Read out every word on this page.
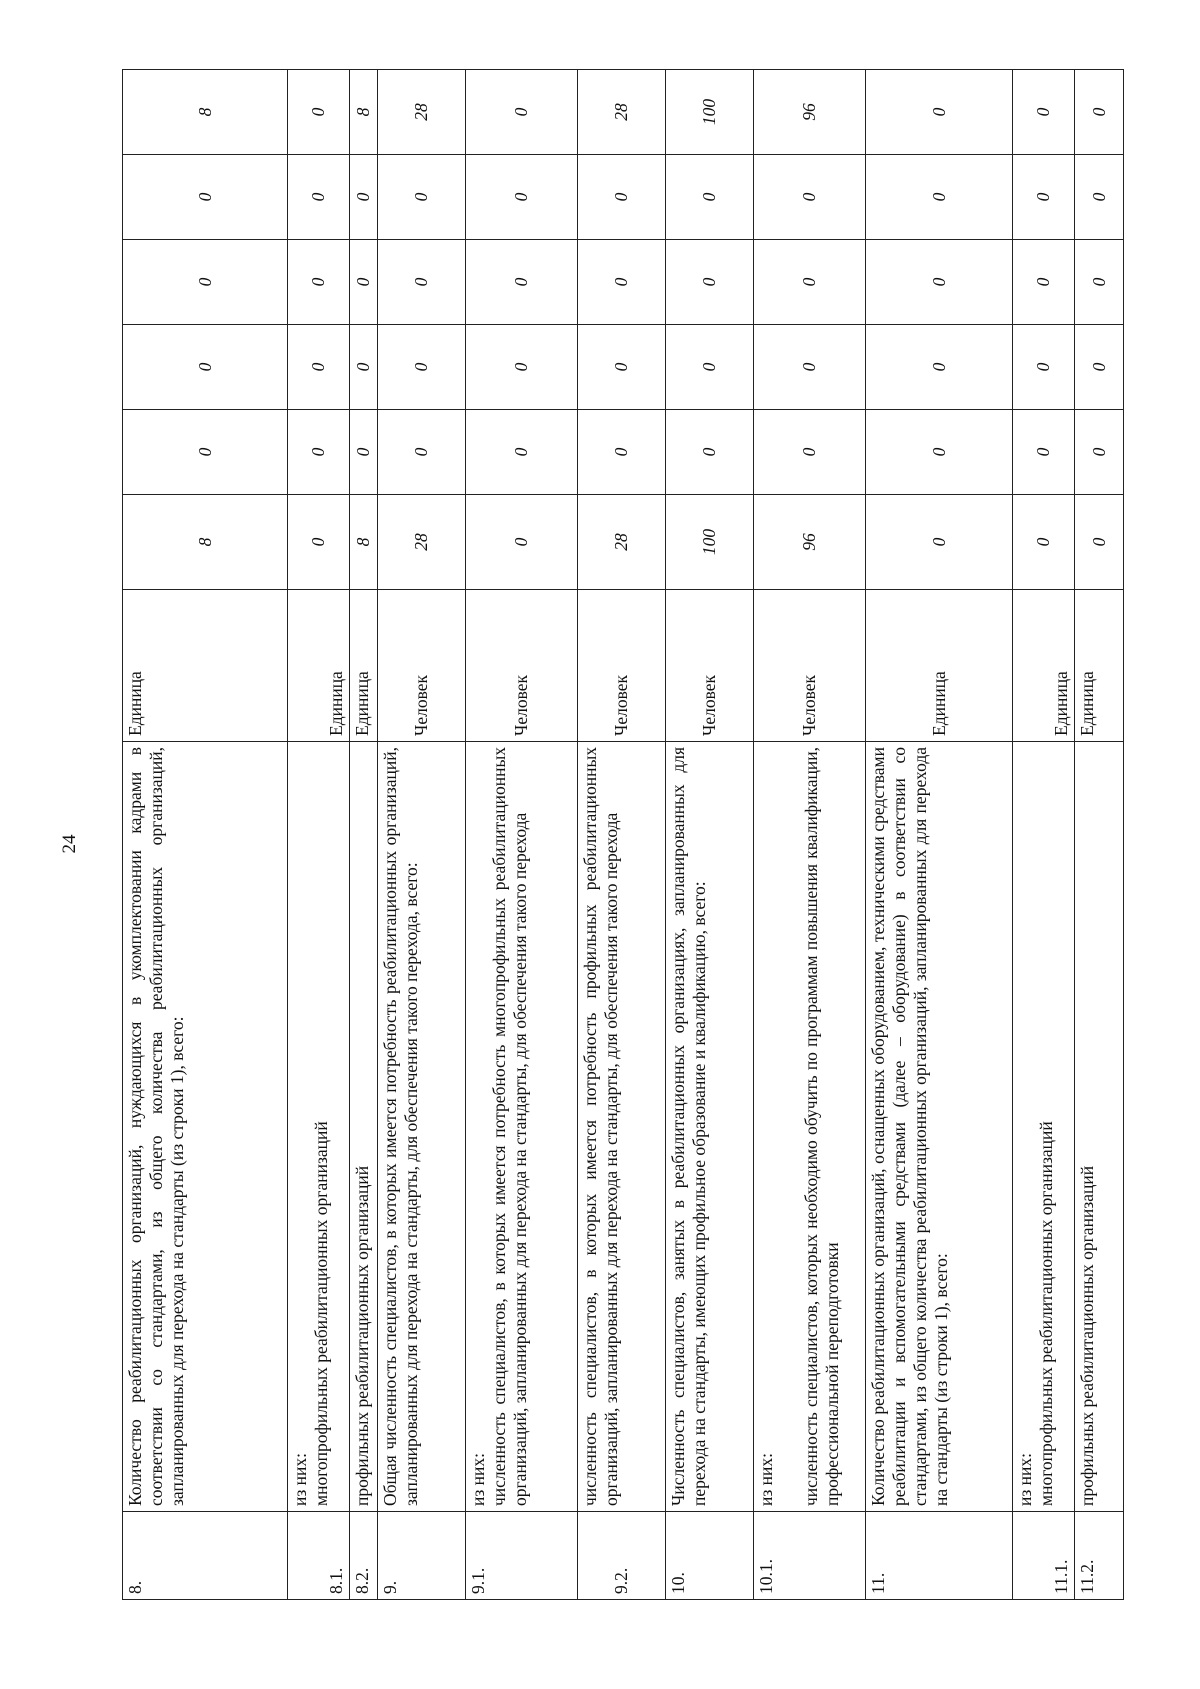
24
8.	Количество реабилитационных организаций, нуждающихся в укомплектовании кадрами в соответствии со стандартами, из общего количества реабилитационных организаций, запланированных для перехода на стандарты (из строки 1), всего:	Единица	8	0	0	0	0	8
8.1.	из них: многопрофильных реабилитационных организаций	Единица	0	0	0	0	0	0
8.2.	профильных реабилитационных организаций	Единица	8	0	0	0	0	8
9.	Общая численность специалистов, в которых имеется потребность реабилитационных организаций, запланированных для перехода на стандарты, для обеспечения такого перехода, всего:	Человек	28	0	0	0	0	28
9.1.	из них: численность специалистов, в которых имеется потребность многопрофильных реабилитационных организаций, запланированных для перехода на стандарты, для обеспечения такого перехода	Человек	0	0	0	0	0	0
9.2.	численность специалистов, в которых имеется потребность профильных реабилитационных организаций, запланированных для перехода на стандарты, для обеспечения такого перехода	Человек	28	0	0	0	0	28
10.	Численность специалистов, занятых в реабилитационных организациях, запланированных для перехода на стандарты, имеющих профильное образование и квалификацию, всего:	Человек	100	0	0	0	0	100
10.1.	из них: численность специалистов, которых необходимо обучить по программам повышения квалификации, профессиональной переподготовки	Человек	96	0	0	0	0	96
11.	Количество реабилитационных организаций, оснащенных оборудованием, техническими средствами реабилитации и вспомогательными средствами (далее – оборудование) в соответствии со стандартами, из общего количества реабилитационных организаций, запланированных для перехода на стандарты (из строки 1), всего:	Единица	0	0	0	0	0	0
11.1.	из них: многопрофильных реабилитационных организаций	Единица	0	0	0	0	0	0
11.2.	профильных реабилитационных организаций	Единица	0	0	0	0	0	0
